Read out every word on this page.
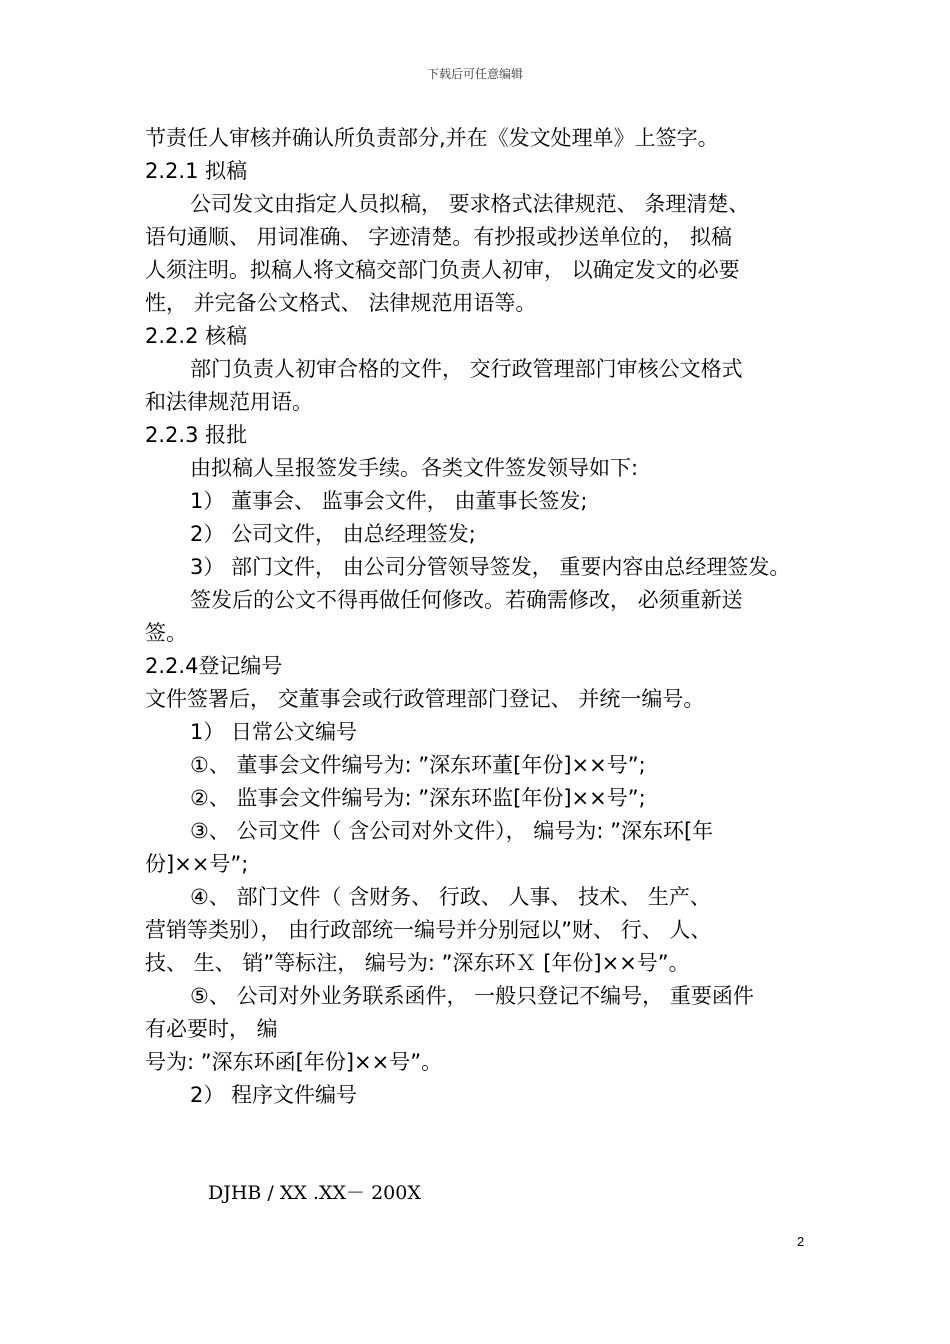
下载后可任意编辑
节责任人审核并确认所负责部分,并在《发文处理单》上签字。
2.2.1 拟稿
公司发文由指定人员拟稿， 要求格式法律规范、 条理清楚、
语句通顺、 用词准确、 字迹清楚。有抄报或抄送单位的， 拟稿
人须注明。拟稿人将文稿交部门负责人初审， 以确定发文的必要
性， 并完备公文格式、 法律规范用语等。
2.2.2 核稿
部门负责人初审合格的文件， 交行政管理部门审核公文格式
和法律规范用语。
2.2.3 报批
由拟稿人呈报签发手续。各类文件签发领导如下:
1） 董事会、 监事会文件， 由董事长签发;
2） 公司文件， 由总经理签发;
3） 部门文件， 由公司分管领导签发， 重要内容由总经理签发。
签发后的公文不得再做任何修改。若确需修改， 必须重新送
签。
2.2.4登记编号
文件签署后， 交董事会或行政管理部门登记、 并统一编号。
1） 日常公文编号
①、 董事会文件编号为: ”深东环董[年份]××号”;
②、 监事会文件编号为: ”深东环监[年份]××号”;
③、 公司文件（ 含公司对外文件）， 编号为: ”深东环[年
份]××号”;
④、 部门文件（ 含财务、 行政、 人事、 技术、 生产、
营销等类别）， 由行政部统一编号并分别冠以”财、 行、 人、
技、 生、 销”等标注， 编号为: ”深东环Ｘ [年份]××号”。
⑤、 公司对外业务联系函件， 一般只登记不编号， 重要函件
有必要时， 编
号为: ”深东环函[年份]××号”。
2） 程序文件编号
DJHB / XX .XX－ 200X
2
